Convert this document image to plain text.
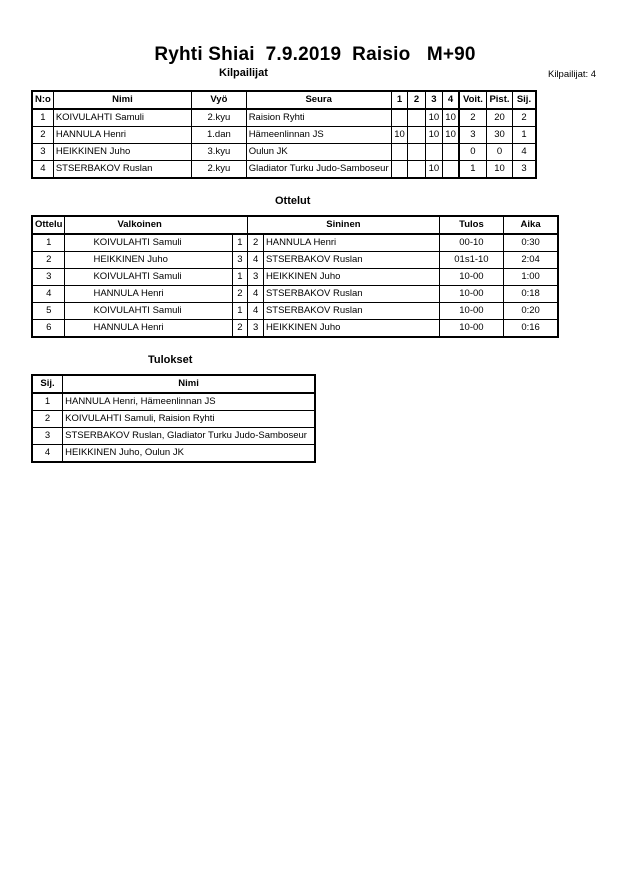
Ryhti Shiai  7.9.2019  Raisio   M+90
Kilpailijat	Kilpailijat: 4
N:o	Nimi	Vyö	Seura	1	2	3	4	Voit.	Pist.	Sij.
1	KOIVULAHTI Samuli	2.kyu	Raision Ryhti			10	10	2	20	2
2	HANNULA Henri	1.dan	Hämeenlinnan JS	10		10	10	3	30	1
3	HEIKKINEN Juho	3.kyu	Oulun JK					0	0	4
4	STSERBAKOV Ruslan	2.kyu	Gladiator Turku Judo-Samboseur			10		1	10	3
Ottelut
Ottelu	Valkoinen		Sininen		Tulos	Aika
1	KOIVULAHTI Samuli	1	2	HANNULA Henri	00-10	0:30
2	HEIKKINEN Juho	3	4	STSERBAKOV Ruslan	01s1-10	2:04
3	KOIVULAHTI Samuli	1	3	HEIKKINEN Juho	10-00	1:00
4	HANNULA Henri	2	4	STSERBAKOV Ruslan	10-00	0:18
5	KOIVULAHTI Samuli	1	4	STSERBAKOV Ruslan	10-00	0:20
6	HANNULA Henri	2	3	HEIKKINEN Juho	10-00	0:16
Tulokset
Sij.	Nimi
1	HANNULA Henri, Hämeenlinnan JS
2	KOIVULAHTI Samuli, Raision Ryhti
3	STSERBAKOV Ruslan, Gladiator Turku Judo-Samboseur
4	HEIKKINEN Juho, Oulun JK
